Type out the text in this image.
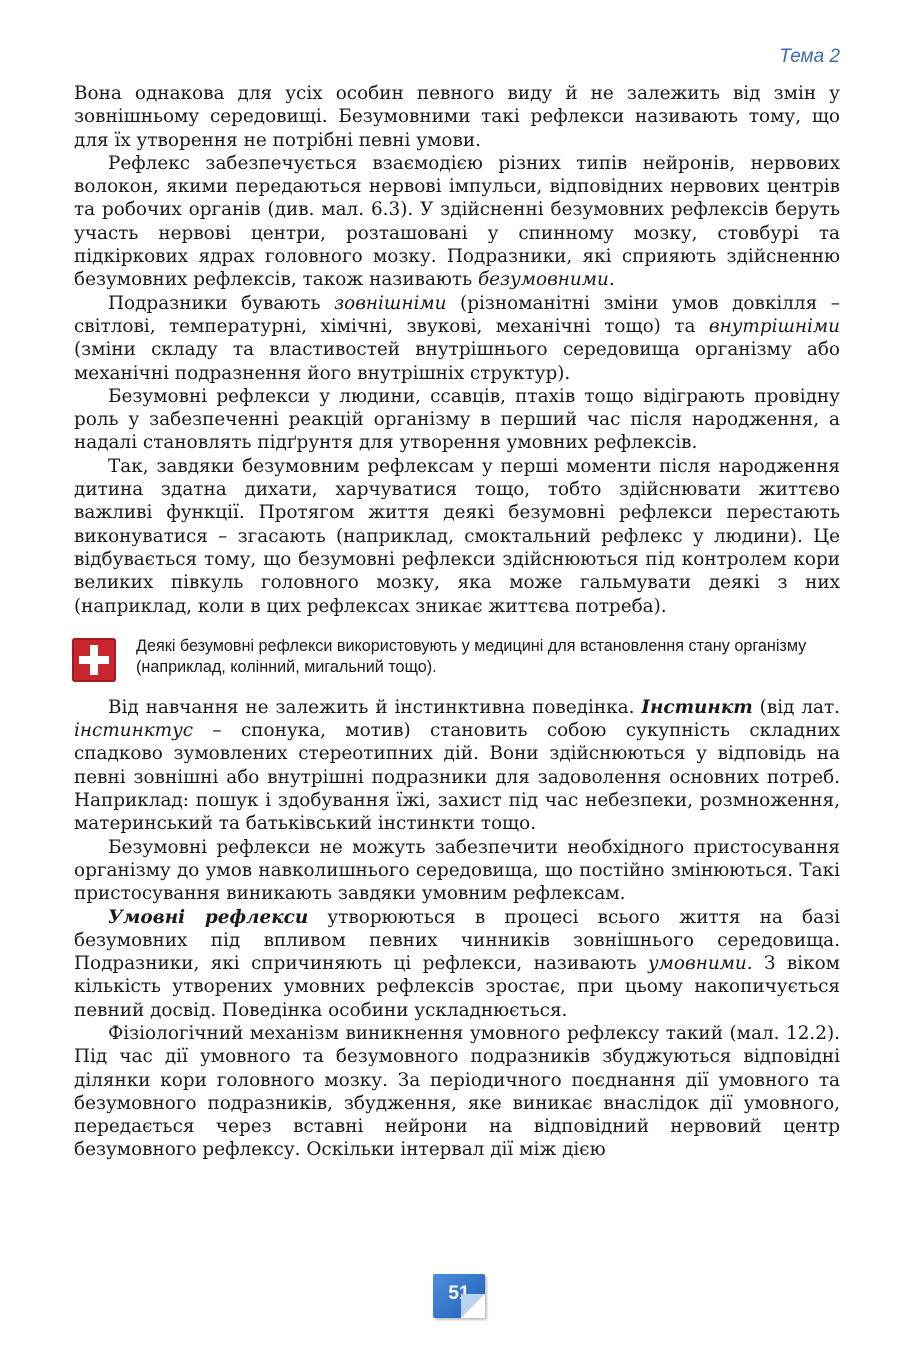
Тема 2

Вона однакова для усіх особин певного виду й не залежить від змін у зовнішньому середовищі. Безумовними такі рефлекси називають тому, що для їх утворення не потрібні певні умови.

Рефлекс забезпечується взаємодією різних типів нейронів, нервових волокон, якими передаються нервові імпульси, відповідних нервових центрів та робочих органів (див. мал. 6.3). У здійсненні безумовних рефлексів беруть участь нервові центри, розташовані у спинному мозку, стовбурі та підкіркових ядрах головного мозку. Подразники, які сприяють здійсненню безумовних рефлексів, також називають безумовними.

Подразники бувають зовнішніми (різноманітні зміни умов довкілля – світлові, температурні, хімічні, звукові, механічні тощо) та внутрішніми (зміни складу та властивостей внутрішнього середовища організму або механічні подразнення його внутрішніх структур).

Безумовні рефлекси у людини, ссавців, птахів тощо відіграють провідну роль у забезпеченні реакцій організму в перший час після народження, а надалі становлять підґрунтя для утворення умовних рефлексів.

Так, завдяки безумовним рефлексам у перші моменти після народження дитина здатна дихати, харчуватися тощо, тобто здійснювати життєво важливі функції. Протягом життя деякі безумовні рефлекси перестають виконуватися – згасають (наприклад, смоктальний рефлекс у людини). Це відбувається тому, що безумовні рефлекси здійснюються під контролем кори великих півкуль головного мозку, яка може гальмувати деякі з них (наприклад, коли в цих рефлексах зникає життєва потреба).

Деякі безумовні рефлекси використовують у медицині для встановлення стану організму (наприклад, колінний, мигальний тощо).

Від навчання не залежить й інстинктивна поведінка. Інстинкт (від лат. інстинктус – спонука, мотив) становить собою сукупність складних спадково зумовлених стереотипних дій. Вони здійснюються у відповідь на певні зовнішні або внутрішні подразники для задоволення основних потреб. Наприклад: пошук і здобування їжі, захист під час небезпеки, розмноження, материнський та батьківський інстинкти тощо.

Безумовні рефлекси не можуть забезпечити необхідного пристосування організму до умов навколишнього середовища, що постійно змінюються. Такі пристосування виникають завдяки умовним рефлексам.

Умовні рефлекси утворюються в процесі всього життя на базі безумовних під впливом певних чинників зовнішнього середовища. Подразники, які спричиняють ці рефлекси, називають умовними. З віком кількість утворених умовних рефлексів зростає, при цьому накопичується певний досвід. Поведінка особини ускладнюється.

Фізіологічний механізм виникнення умовного рефлексу такий (мал. 12.2). Під час дії умовного та безумовного подразників збуджуються відповідні ділянки кори головного мозку. За періодичного поєднання дії умовного та безумовного подразників, збудження, яке виникає внаслідок дії умовного, передається через вставні нейрони на відповідний нервовий центр безумовного рефлексу. Оскільки інтервал дії між дією

51
